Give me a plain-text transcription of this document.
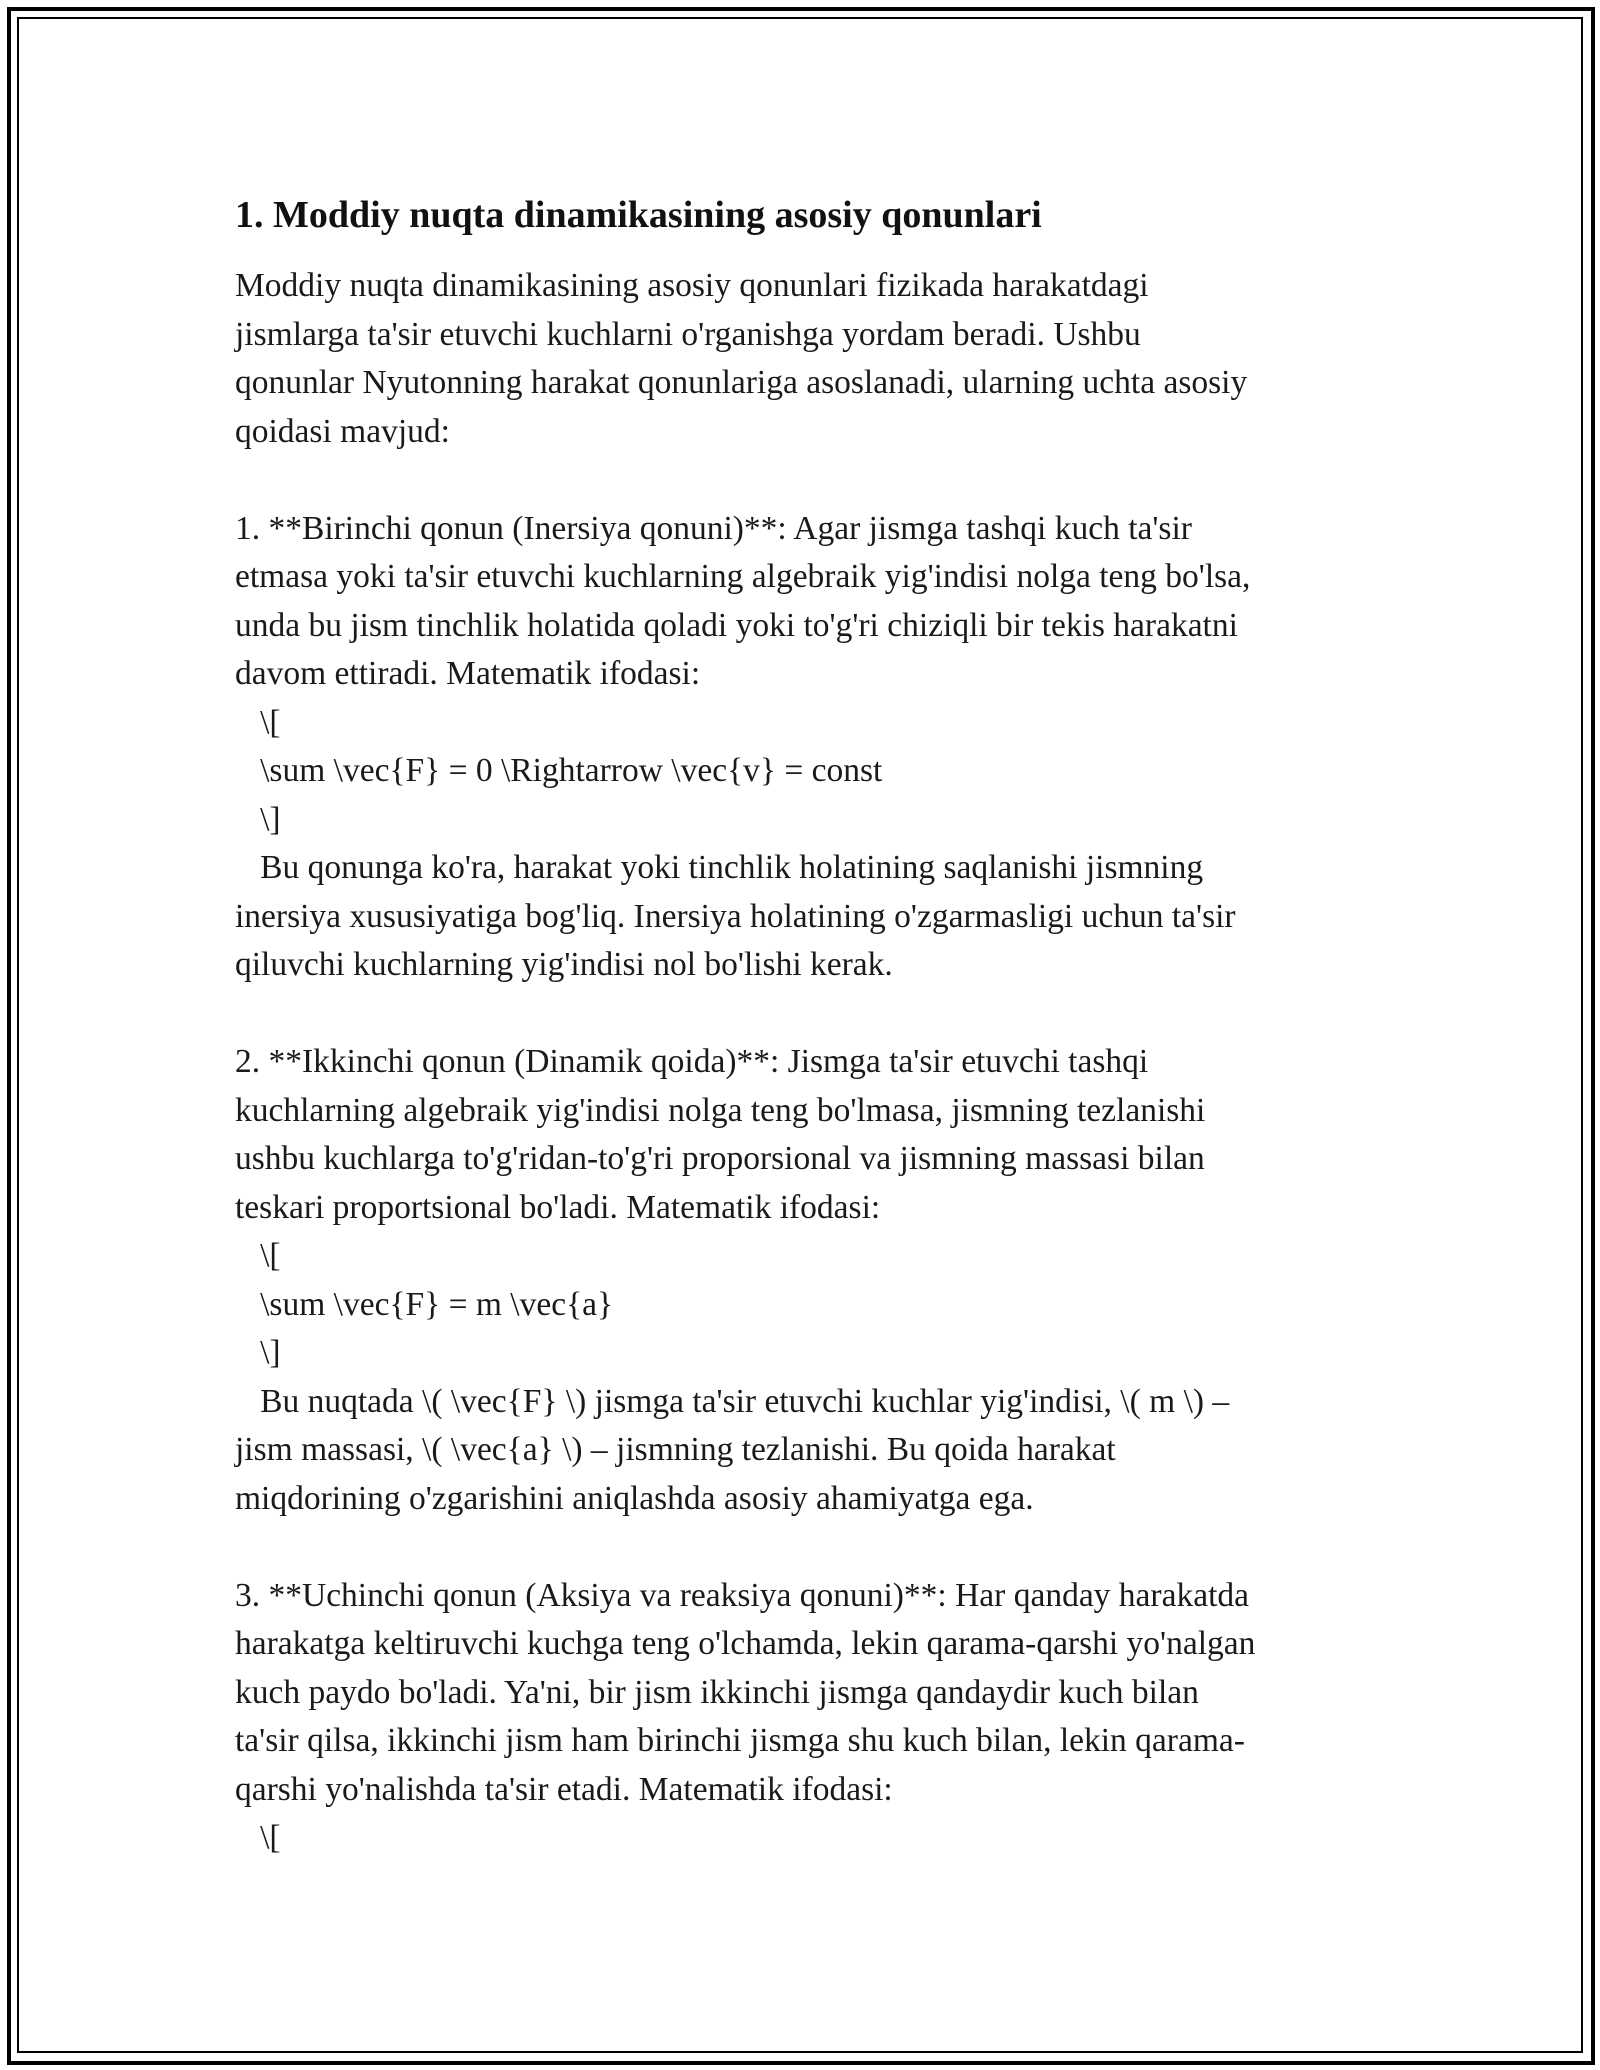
1. Moddiy nuqta dinamikasining asosiy qonunlari
Moddiy nuqta dinamikasining asosiy qonunlari fizikada harakatdagi
jismlarga ta'sir etuvchi kuchlarni o'rganishga yordam beradi. Ushbu
qonunlar Nyutonning harakat qonunlariga asoslanadi, ularning uchta asosiy
qoidasi mavjud:

1. **Birinchi qonun (Inersiya qonuni)**: Agar jismga tashqi kuch ta'sir
etmasa yoki ta'sir etuvchi kuchlarning algebraik yig'indisi nolga teng bo'lsa,
unda bu jism tinchlik holatida qoladi yoki to'g'ri chiziqli bir tekis harakatni
davom ettiradi. Matematik ifodasi:
\[
\sum \vec{F} = 0 \Rightarrow \vec{v} = const
\]
Bu qonunga ko'ra, harakat yoki tinchlik holatining saqlanishi jismning
inersiya xususiyatiga bog'liq. Inersiya holatining o'zgarmasligi uchun ta'sir
qiluvchi kuchlarning yig'indisi nol bo'lishi kerak.

2. **Ikkinchi qonun (Dinamik qoida)**: Jismga ta'sir etuvchi tashqi
kuchlarning algebraik yig'indisi nolga teng bo'lmasa, jismning tezlanishi
ushbu kuchlarga to'g'ridan-to'g'ri proporsional va jismning massasi bilan
teskari proportsional bo'ladi. Matematik ifodasi:
\[
\sum \vec{F} = m \vec{a}
\]
Bu nuqtada \( \vec{F} \) jismga ta'sir etuvchi kuchlar yig'indisi, \( m \) –
jism massasi, \( \vec{a} \) – jismning tezlanishi. Bu qoida harakat
miqdorining o'zgarishini aniqlashda asosiy ahamiyatga ega.

3. **Uchinchi qonun (Aksiya va reaksiya qonuni)**: Har qanday harakatda
harakatga keltiruvchi kuchga teng o'lchamda, lekin qarama-qarshi yo'nalgan
kuch paydo bo'ladi. Ya'ni, bir jism ikkinchi jismga qandaydir kuch bilan
ta'sir qilsa, ikkinchi jism ham birinchi jismga shu kuch bilan, lekin qarama-
qarshi yo'nalishda ta'sir etadi. Matematik ifodasi:
\[
